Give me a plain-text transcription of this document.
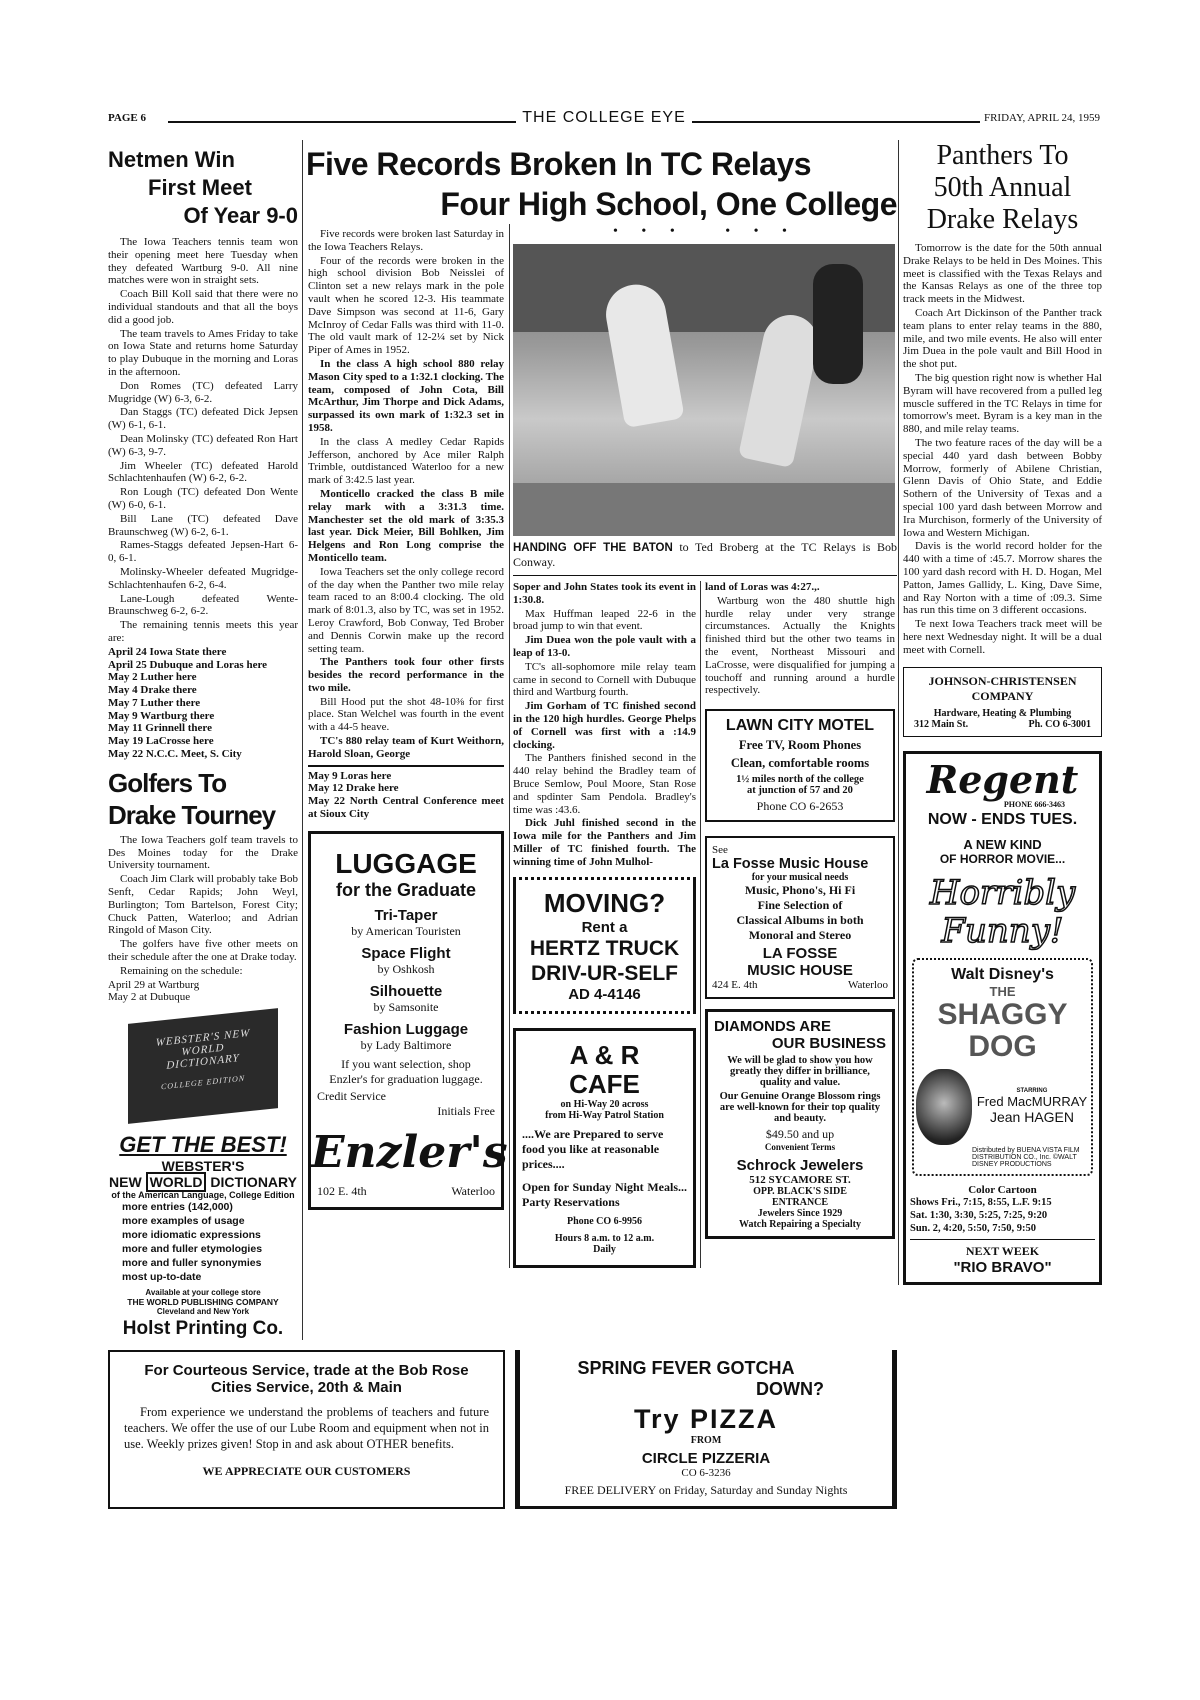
PAGE 6	THE COLLEGE EYE	FRIDAY, APRIL 24, 1959
Netmen Win
First Meet
Of Year 9-0

The Iowa Teachers tennis team won their opening meet here Tuesday when they defeated Wartburg 9-0. All nine matches were won in straight sets.

Coach Bill Koll said that there were no individual standouts and that all the boys did a good job.

The team travels to Ames Friday to take on Iowa State and returns home Saturday to play Dubuque in the morning and Loras in the afternoon.

Don Romes (TC) defeated Larry Mugridge (W) 6-3, 6-2.

Dan Staggs (TC) defeated Dick Jepsen (W) 6-1, 6-1.

Dean Molinsky (TC) defeated Ron Hart (W) 6-3, 9-7.

Jim Wheeler (TC) defeated Harold Schlachtenhaufen (W) 6-2, 6-2.

Ron Lough (TC) defeated Don Wente (W) 6-0, 6-1.

Bill Lane (TC) defeated Dave Braunschweg (W) 6-2, 6-1.

Rames-Staggs defeated Jepsen-Hart 6-0, 6-1.

Molinsky-Wheeler defeated Mugridge-Schlachtenhaufen 6-2, 6-4.

Lane-Lough defeated Wente-Braunschweg 6-2, 6-2.

The remaining tennis meets this year are:

April 24 Iowa State there
April 25 Dubuque and Loras here
May 2 Luther here
May 4 Drake there
May 7 Luther there
May 9 Wartburg there
May 11 Grinnell there
May 19 LaCrosse here
May 22 N.C.C. Meet, S. City
Golfers To
Drake Tourney

The Iowa Teachers golf team travels to Des Moines today for the Drake University tournament.

Coach Jim Clark will probably take Bob Senft, Cedar Rapids; John Weyl, Burlington; Tom Bartelson, Forest City; Chuck Patten, Waterloo; and Adrian Ringold of Mason City.

The golfers have five other meets on their schedule after the one at Drake today.

Remaining on the schedule:

April 29 at Wartburg
May 2 at Dubuque
WEBSTER'S NEW WORLD DICTIONARY
COLLEGE EDITION
GET THE BEST!
WEBSTER'S
NEW WORLD DICTIONARY
of the American Language, College Edition
more entries (142,000)
more examples of usage
more idiomatic expressions
more and fuller etymologies
more and fuller synonymies
most up-to-date
Available at your college store
THE WORLD PUBLISHING COMPANY
Cleveland and New York
Holst Printing Co.
Five Records Broken In TC Relays
Four High School, One College

Five records were broken last Saturday in the Iowa Teachers Relays.

Four of the records were broken in the high school division Bob Neisslei of Clinton set a new relays mark in the pole vault when he scored 12-3. His teammate Dave Simpson was second at 11-6, Gary McInroy of Cedar Falls was third with 11-0. The old vault mark of 12-2¼ set by Nick Piper of Ames in 1952.

In the class A high school 880 relay Mason City sped to a 1:32.1 clocking. The team, composed of John Cota, Bill McArthur, Jim Thorpe and Dick Adams, surpassed its own mark of 1:32.3 set in 1958.

In the class A medley Cedar Rapids Jefferson, anchored by Ace miler Ralph Trimble, outdistanced Waterloo for a new mark of 3:42.5 last year.

Monticello cracked the class B mile relay mark with a 3:31.3 time. Manchester set the old mark of 3:35.3 last year. Dick Meier, Bill Bohlken, Jim Helgens and Ron Long comprise the Monticello team.

Iowa Teachers set the only college record of the day when the Panther two mile relay team raced to an 8:00.4 clocking. The old mark of 8:01.3, also by TC, was set in 1952. Leroy Crawford, Bob Conway, Ted Brober and Dennis Corwin make up the record setting team.

The Panthers took four other firsts besides the record performance in the two mile.

Bill Hood put the shot 48-10⅜ for first place. Stan Welchel was fourth in the event with a 44-5 heave.

TC's 880 relay team of Kurt Weithorn, Harold Sloan, George

May 9 Loras here
May 12 Drake here
May 22 North Central Conference meet at Sioux City
LUGGAGE
for the Graduate
Tri-Taper
by American Touristen
Space Flight
by Oshkosh
Silhouette
by Samsonite
Fashion Luggage
by Lady Baltimore
If you want selection, shop Enzler's for graduation luggage.
Credit Service
Initials Free
Enzler's
102 E. 4th	Waterloo
• • •   • • •
HANDING OFF THE BATON to Ted Broberg at the TC Relays is Bob Conway.

Soper and John States took its event in 1:30.8.

Max Huffman leaped 22-6 in the broad jump to win that event.

Jim Duea won the pole vault with a leap of 13-0.

TC's all-sophomore mile relay team came in second to Cornell with Dubuque third and Wartburg fourth.

Jim Gorham of TC finished second in the 120 high hurdles. George Phelps of Cornell was first with a :14.9 clocking.

The Panthers finished second in the 440 relay behind the Bradley team of Bruce Semlow, Poul Moore, Stan Rose and spdinter Sam Pendola. Bradley's time was :43.6.

Dick Juhl finished second in the Iowa mile for the Panthers and Jim Miller of TC finished fourth. The winning time of John Mulhol-

MOVING?
Rent a
HERTZ TRUCK
DRIV-UR-SELF
AD 4-4146
A & R
CAFE
on Hi-Way 20 across
from Hi-Way Patrol Station
....We are Prepared to serve food you like at reasonable prices....
Open for Sunday Night Meals... Party Reservations
Phone CO 6-9956
Hours 8 a.m. to 12 a.m. Daily

land of Loras was 4:27.,.

Wartburg won the 480 shuttle high hurdle relay under very strange circumstances. Actually the Knights finished third but the other two teams in the event, Northeast Missouri and LaCrosse, were disqualified for jumping a touchoff and running around a hurdle respectively.

LAWN CITY MOTEL
Free TV, Room Phones
Clean, comfortable rooms
1½ miles north of the college
at junction of 57 and 20
Phone CO 6-2653
See
La Fosse Music House
for your musical needs
Music, Phono's, Hi Fi
Fine Selection of
Classical Albums in both
Monoral and Stereo
LA FOSSE
MUSIC HOUSE
424 E. 4th	Waterloo
DIAMONDS ARE
OUR BUSINESS
We will be glad to show you how greatly they differ in brilliance, quality and value.
Our Genuine Orange Blossom rings are well-known for their top quality and beauty.
$49.50 and up
Convenient Terms
Schrock Jewelers
512 SYCAMORE ST.
OPP. BLACK'S SIDE
ENTRANCE
Jewelers Since 1929
Watch Repairing a Specialty
For Courteous Service, trade at the Bob Rose
Cities Service, 20th & Main
From experience we understand the problems of teachers and future teachers. We offer the use of our Lube Room and equipment when not in use. Weekly prizes given! Stop in and ask about OTHER benefits.
WE APPRECIATE OUR CUSTOMERS
SPRING FEVER GOTCHA
DOWN?
Try PIZZA
FROM
CIRCLE PIZZERIA
CO 6-3236
FREE DELIVERY on Friday, Saturday and Sunday Nights
Panthers To
50th Annual
Drake Relays

Tomorrow is the date for the 50th annual Drake Relays to be held in Des Moines. This meet is classified with the Texas Relays and the Kansas Relays as one of the three top track meets in the Midwest.

Coach Art Dickinson of the Panther track team plans to enter relay teams in the 880, mile, and two mile events. He also will enter Jim Duea in the pole vault and Bill Hood in the shot put.

The big question right now is whether Hal Byram will have recovered from a pulled leg muscle suffered in the TC Relays in time for tomorrow's meet. Byram is a key man in the 880, and mile relay teams.

The two feature races of the day will be a special 440 yard dash between Bobby Morrow, formerly of Abilene Christian, Glenn Davis of Ohio State, and Eddie Sothern of the University of Texas and a special 100 yard dash between Morrow and Ira Murchison, formerly of the University of Iowa and Western Michigan.

Davis is the world record holder for the 440 with a time of :45.7. Morrow shares the 100 yard dash record with H. D. Hogan, Mel Patton, James Gallidy, L. King, Dave Sime, and Ray Norton with a time of :09.3. Sime has run this time on 3 different occasions.

Te next Iowa Teachers track meet will be here next Wednesday night. It will be a dual meet with Cornell.

JOHNSON-CHRISTENSEN
COMPANY
Hardware, Heating & Plumbing
312 Main St.	Ph. CO 6-3001
Regent
PHONE 666-3463
NOW - ENDS TUES.
A NEW KIND
OF HORROR MOVIE...
Horribly Funny!
Walt Disney's
THE
SHAGGY
DOG
STARRING
Fred MacMURRAY
Jean HAGEN
Distributed by BUENA VISTA FILM DISTRIBUTION CO., Inc. ©WALT DISNEY PRODUCTIONS
Color Cartoon
Shows Fri., 7:15, 8:55, L.F. 9:15
Sat. 1:30, 3:30, 5:25, 7:25, 9:20
Sun. 2, 4:20, 5:50, 7:50, 9:50
NEXT WEEK
"RIO BRAVO"
